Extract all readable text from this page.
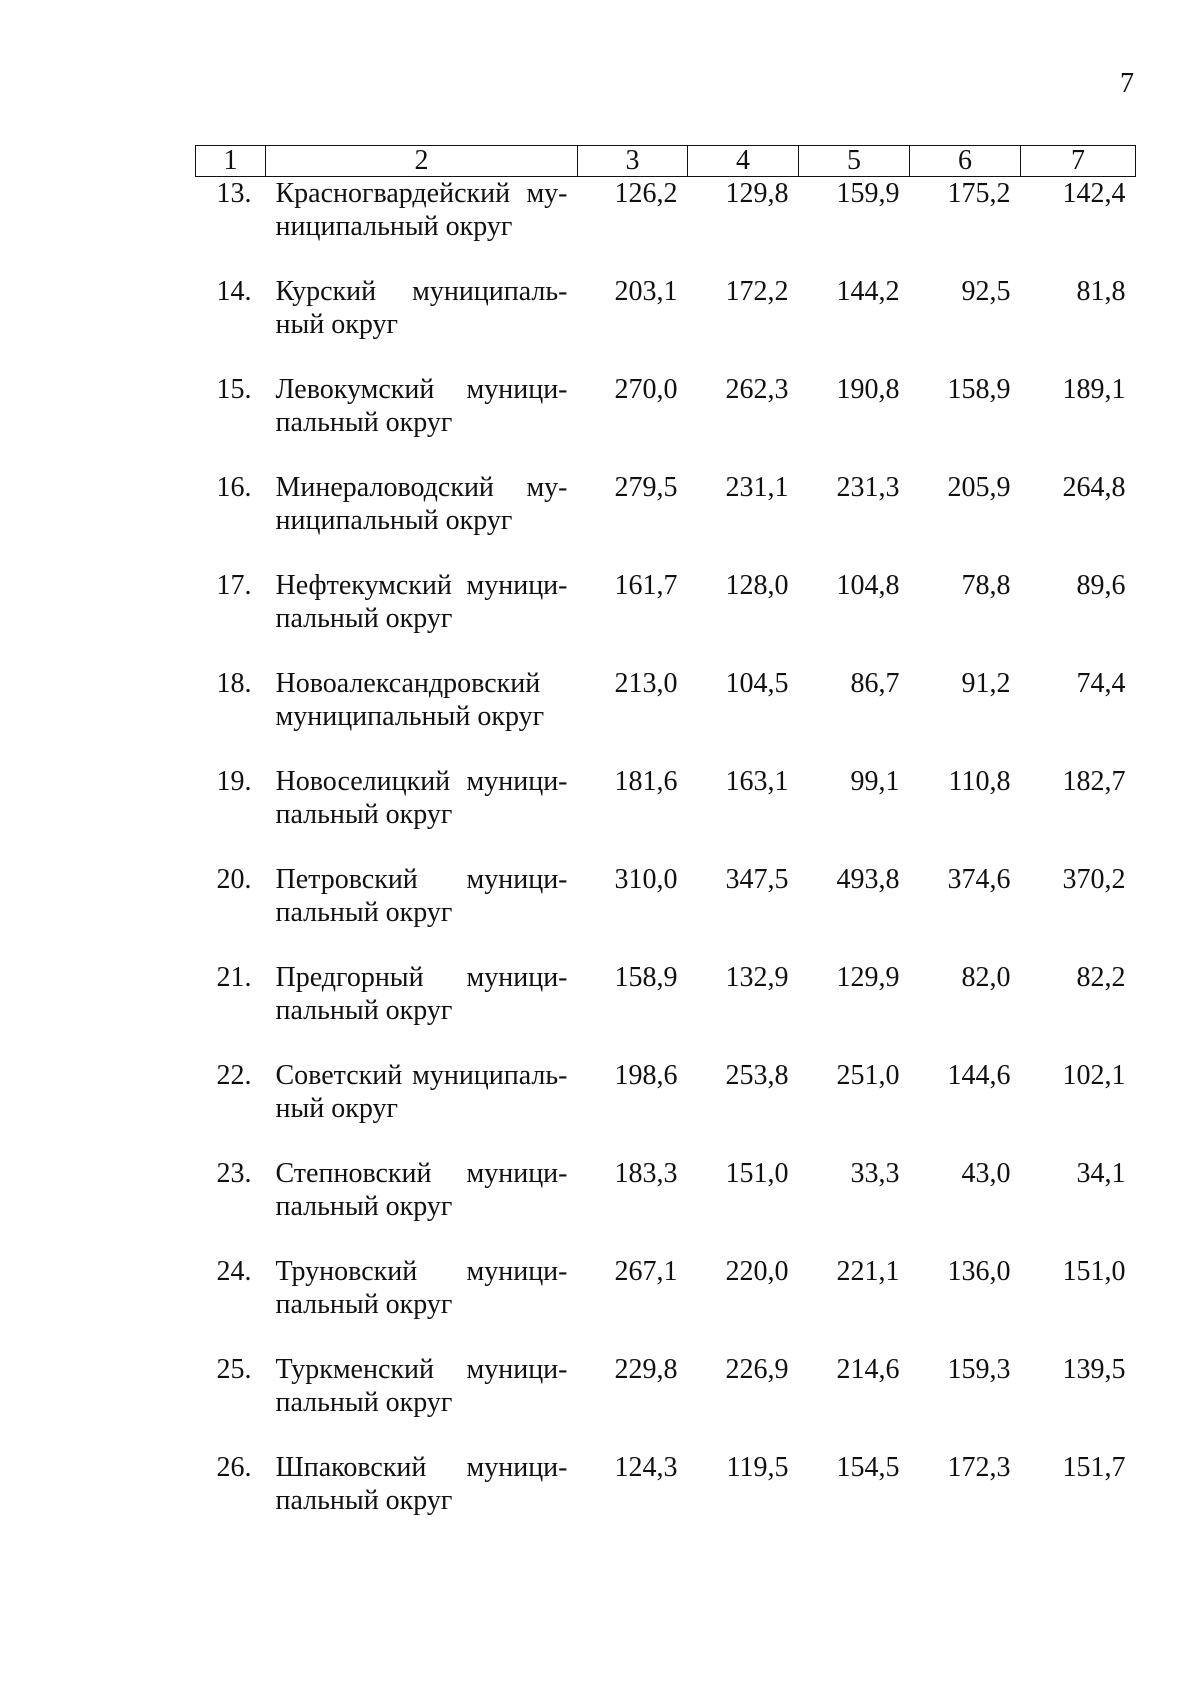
7
1	2	3	4	5	6	7
13.	Красногвардейский му-ниципальный округ	126,2	129,8	159,9	175,2	142,4
14.	Курский муниципаль-ный округ	203,1	172,2	144,2	92,5	81,8
15.	Левокумский муници-пальный округ	270,0	262,3	190,8	158,9	189,1
16.	Минераловодский му-ниципальный округ	279,5	231,1	231,3	205,9	264,8
17.	Нефтекумский муници-пальный округ	161,7	128,0	104,8	78,8	89,6
18.	Новоалександровский муниципальный округ	213,0	104,5	86,7	91,2	74,4
19.	Новоселицкий муници-пальный округ	181,6	163,1	99,1	110,8	182,7
20.	Петровский муници-пальный округ	310,0	347,5	493,8	374,6	370,2
21.	Предгорный муници-пальный округ	158,9	132,9	129,9	82,0	82,2
22.	Советский муниципаль-ный округ	198,6	253,8	251,0	144,6	102,1
23.	Степновский муници-пальный округ	183,3	151,0	33,3	43,0	34,1
24.	Труновский муници-пальный округ	267,1	220,0	221,1	136,0	151,0
25.	Туркменский муници-пальный округ	229,8	226,9	214,6	159,3	139,5
26.	Шпаковский муници-пальный округ	124,3	119,5	154,5	172,3	151,7
